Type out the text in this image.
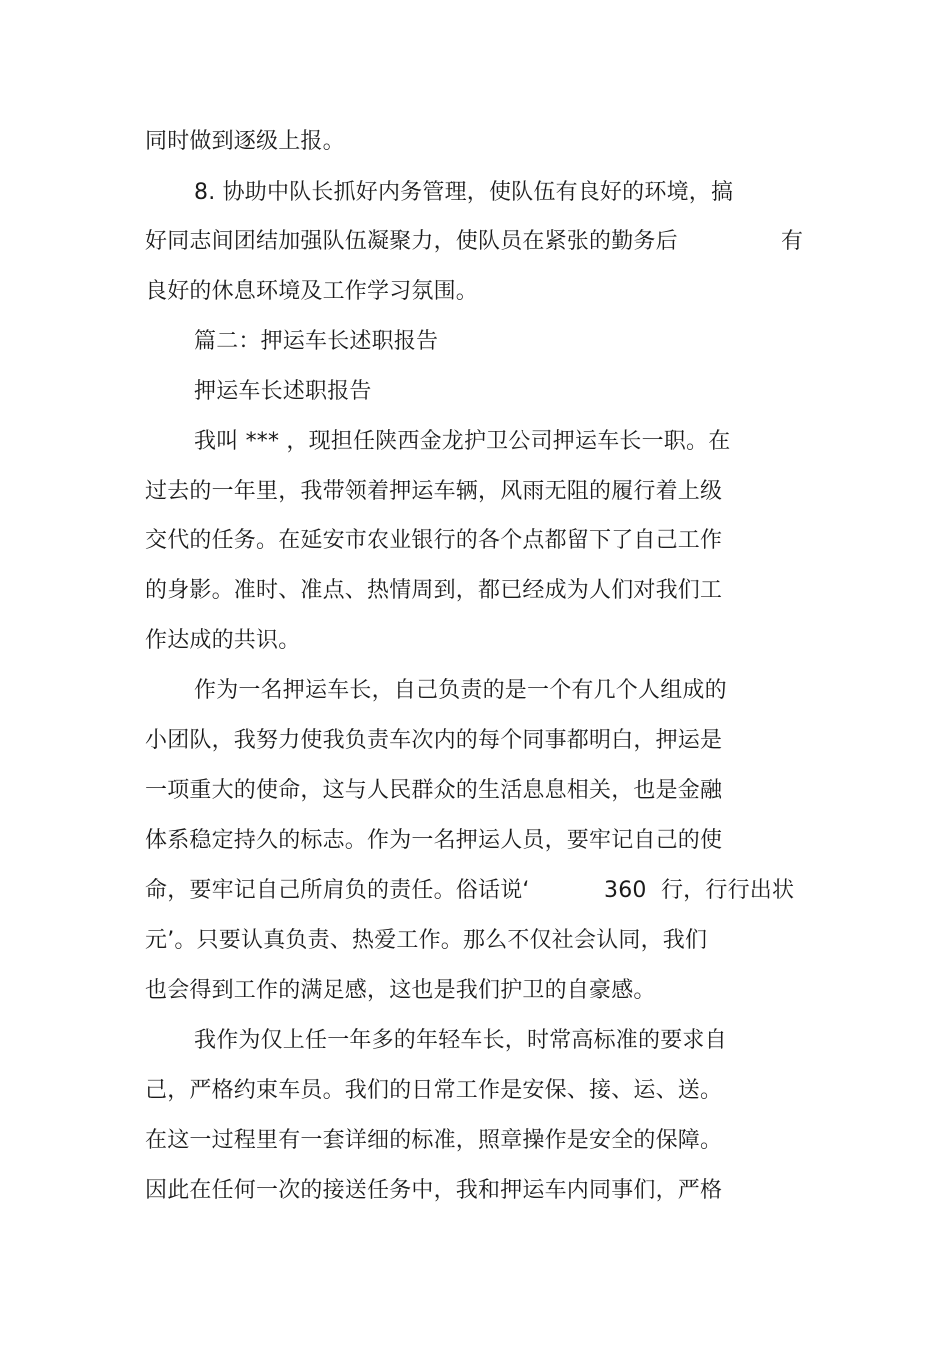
同时做到逐级上报。
8. 协助中队长抓好内务管理，使队伍有良好的环境，搞
好同志间团结加强队伍凝聚力，使队员在紧张的勤务后	有
良好的休息环境及工作学习氛围。
篇二：押运车长述职报告
押运车长述职报告
我叫 *** ，现担任陕西金龙护卫公司押运车长一职。在
过去的一年里，我带领着押运车辆，风雨无阻的履行着上级
交代的任务。在延安市农业银行的各个点都留下了自己工作
的身影。准时、准点、热情周到，都已经成为人们对我们工
作达成的共识。
作为一名押运车长，自己负责的是一个有几个人组成的
小团队，我努力使我负责车次内的每个同事都明白，押运是
一项重大的使命，这与人民群众的生活息息相关，也是金融
体系稳定持久的标志。作为一名押运人员，要牢记自己的使
命，要牢记自己所肩负的责任。俗话说‘	360  行，行行出状
元’。只要认真负责、热爱工作。那么不仅社会认同，我们
也会得到工作的满足感，这也是我们护卫的自豪感。
我作为仅上任一年多的年轻车长，时常高标准的要求自
己，严格约束车员。我们的日常工作是安保、接、运、送。
在这一过程里有一套详细的标准，照章操作是安全的保障。
因此在任何一次的接送任务中，我和押运车内同事们，严格
